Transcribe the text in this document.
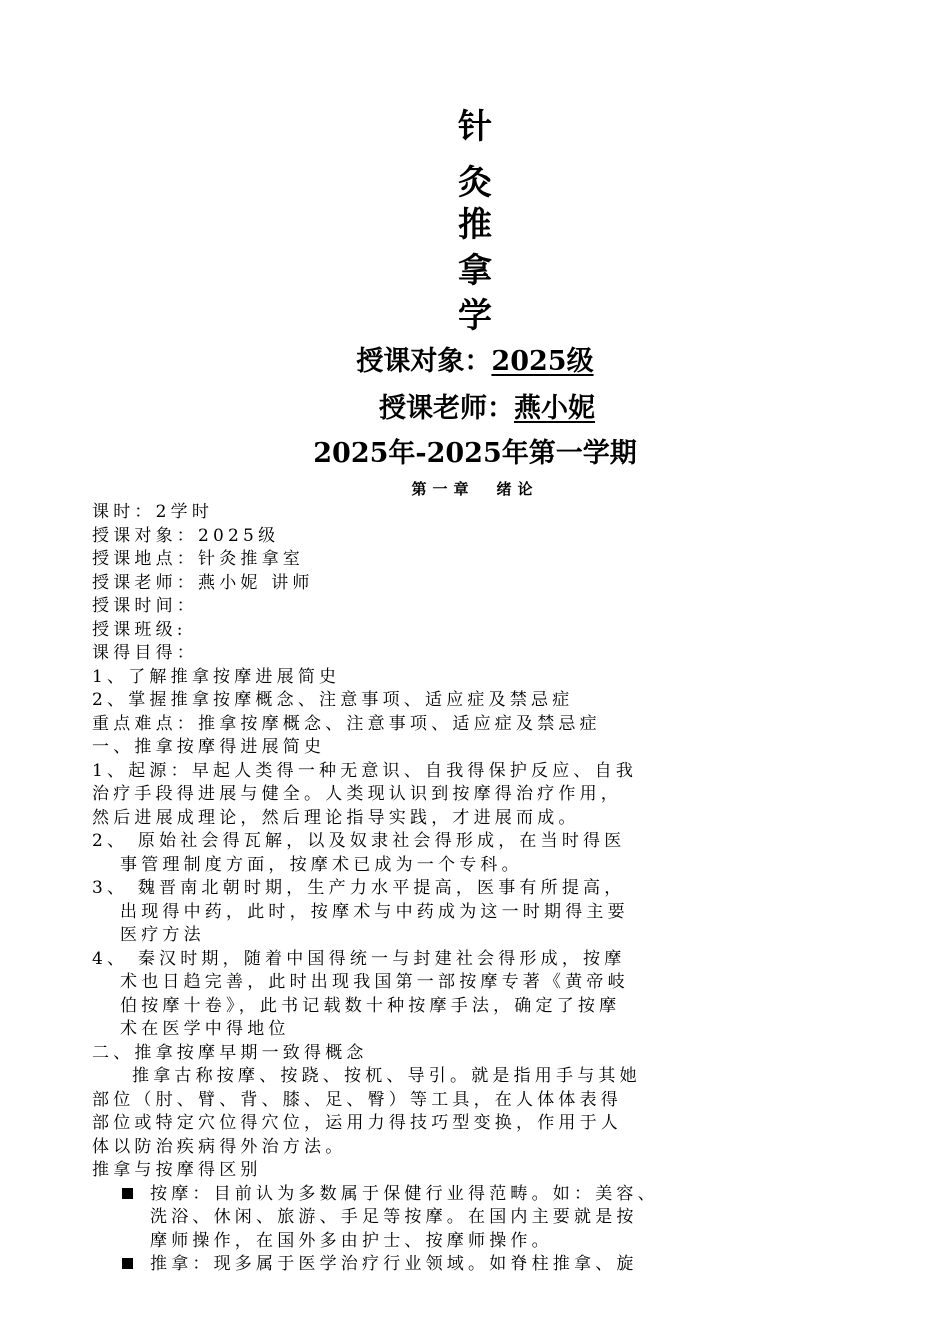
针
灸
推
拿
学
授课对象：2025级
授课老师：燕小妮
2025年-2025年第一学期
第一章 绪论
课时：2学时
授课对象：2025级
授课地点：针灸推拿室
授课老师：燕小妮 讲师
授课时间：
授课班级:
课得目得：
1、了解推拿按摩进展简史
2、掌握推拿按摩概念、注意事项、适应症及禁忌症
重点难点：推拿按摩概念、注意事项、适应症及禁忌症
一、推拿按摩得进展简史
1、起源：早起人类得一种无意识、自我得保护反应、自我
治疗手段得进展与健全。人类现认识到按摩得治疗作用，
然后进展成理论，然后理论指导实践，才进展而成。
2、 原始社会得瓦解，以及奴隶社会得形成，在当时得医
事管理制度方面，按摩术已成为一个专科。
3、 魏晋南北朝时期，生产力水平提高，医事有所提高，
出现得中药，此时，按摩术与中药成为这一时期得主要
医疗方法
4、 秦汉时期，随着中国得统一与封建社会得形成，按摩
术也日趋完善，此时出现我国第一部按摩专著《黄帝岐
伯按摩十卷》，此书记载数十种按摩手法，确定了按摩
术在医学中得地位
二、推拿按摩早期一致得概念
推拿古称按摩、按跷、按杌、导引。就是指用手与其她
部位（肘、臂、背、膝、足、臀）等工具，在人体体表得
部位或特定穴位得穴位，运用力得技巧型变换，作用于人
体以防治疾病得外治方法。
推拿与按摩得区别
按摩：目前认为多数属于保健行业得范畴。如：美容、
洗浴、休闲、旅游、手足等按摩。在国内主要就是按
摩师操作，在国外多由护士、按摩师操作。
推拿：现多属于医学治疗行业领域。如脊柱推拿、旋
